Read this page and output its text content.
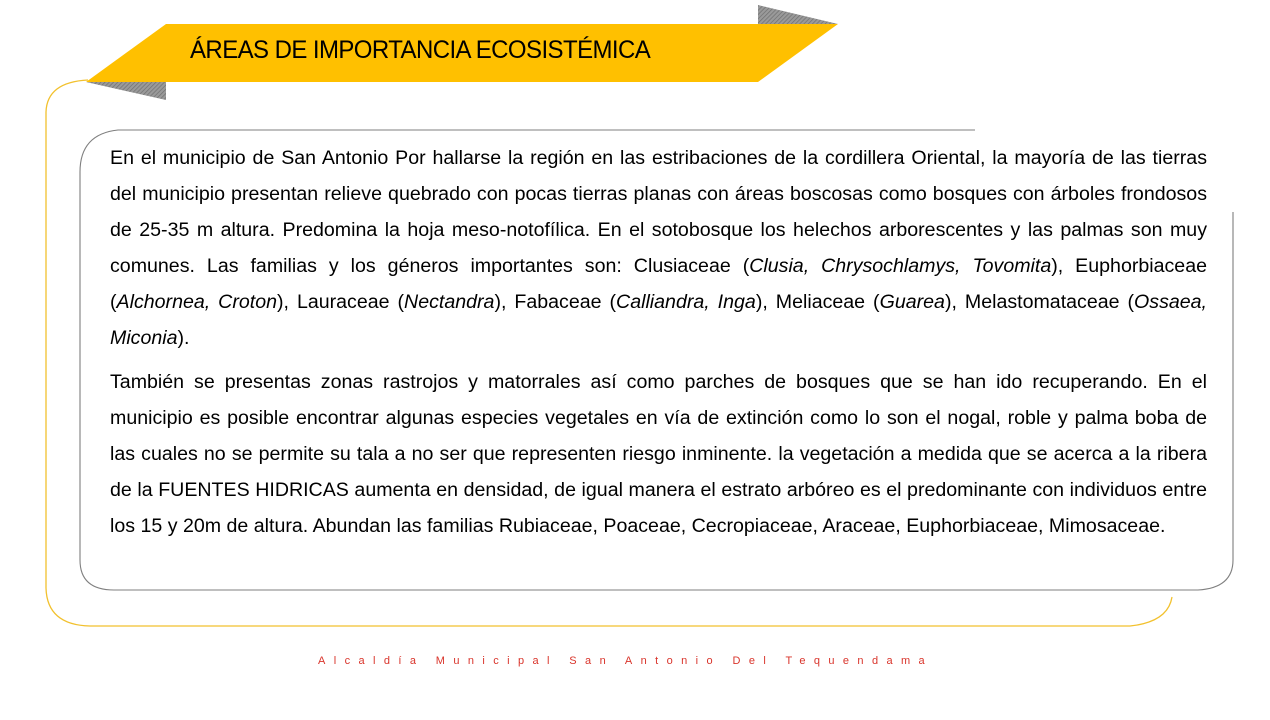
ÁREAS DE IMPORTANCIA ECOSISTÉMICA

En el municipio de San Antonio Por hallarse la región en las estribaciones de la cordillera Oriental, la mayoría de las tierras del municipio presentan relieve quebrado con pocas tierras planas con áreas boscosas como bosques con árboles frondosos de 25-35 m altura. Predomina la hoja meso-notofílica. En el sotobosque los helechos arborescentes y las palmas son muy comunes. Las familias y los géneros importantes son: Clusiaceae (Clusia, Chrysochlamys, Tovomita), Euphorbiaceae (Alchornea, Croton), Lauraceae (Nectandra), Fabaceae (Calliandra, Inga), Meliaceae (Guarea), Melastomataceae (Ossaea, Miconia).

También se presentas zonas rastrojos y matorrales así como parches de bosques que se han ido recuperando. En el municipio es posible encontrar algunas especies vegetales en vía de extinción como lo son el nogal, roble y palma boba de las cuales no se permite su tala a no ser que representen riesgo inminente. la vegetación a medida que se acerca a la ribera de la FUENTES HIDRICAS aumenta en densidad, de igual manera el estrato arbóreo es el predominante con individuos entre los 15 y 20m de altura. Abundan las familias Rubiaceae, Poaceae, Cecropiaceae, Araceae, Euphorbiaceae, Mimosaceae.

Alcaldía Municipal San Antonio Del Tequendama
